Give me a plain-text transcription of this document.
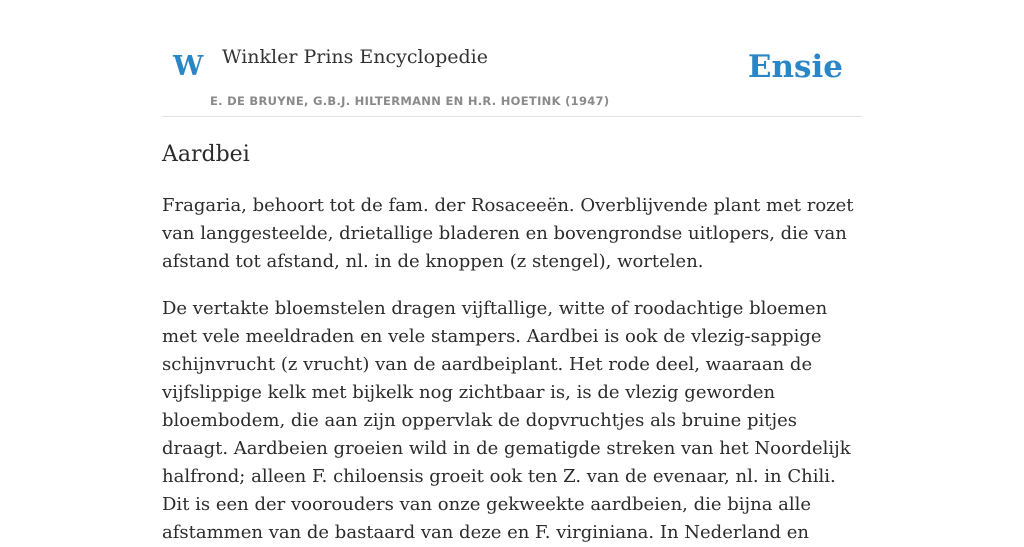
W Winkler Prins Encyclopedie
E. DE BRUYNE, G.B.J. HILTERMANN EN H.R. HOETINK (1947)
Ensie
Aardbei

Fragaria, behoort tot de fam. der Rosaceeën. Overblijvende plant met rozet van langgesteelde, drietallige bladeren en bovengrondse uitlopers, die van afstand tot afstand, nl. in de knoppen (z stengel), wortelen.

De vertakte bloemstelen dragen vijftallige, witte of roodachtige bloemen met vele meeldraden en vele stampers. Aardbei is ook de vlezig-sappige schijnvrucht (z vrucht) van de aardbeiplant. Het rode deel, waaraan de vijfslippige kelk met bijkelk nog zichtbaar is, is de vlezig geworden bloembodem, die aan zijn oppervlak de dopvruchtjes als bruine pitjes draagt. Aardbeien groeien wild in de gematigde streken van het Noordelijk halfrond; alleen F. chiloensis groeit ook ten Z. van de evenaar, nl. in Chili. Dit is een der voorouders van onze gekweekte aardbeien, die bijna alle afstammen van de bastaard van deze en F. virginiana. In Nederland en
